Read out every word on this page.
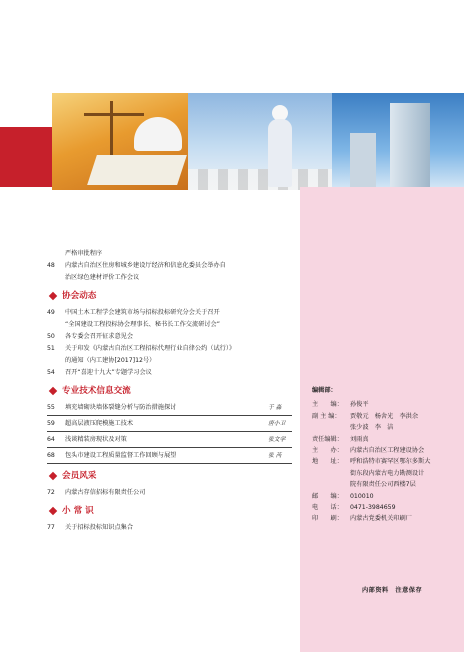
严格审批程序
48	内蒙古自治区住房和城乡建设厅经济和信息化委员会举办自
治区绿色建材评价工作会议
协会动态
49	中国土木工程学会建筑市场与招标投标研究分会关于召开
“全国建设工程投标协会理事长、秘书长工作交流研讨会”
50	各专委会召开征求意见会
51	关于印发《内蒙古自治区工程招标代理行业自律公约（试行）》
的通知（内工建协[2017]12号）
54	召开“喜迎十九大”专题学习会议
专业技术信息交流
55	填充墙砌块墙体裂缝分析与防治措施探讨	于 淼
59	超高层液压爬模施工技术	唐小卫
64	浅谈精装房现状及对策	张文学
68	包头市建设工程质量监督工作回顾与展望	张 芮
会员风采
72	内蒙古存信招标有限责任公司
小 常 识
77	关于招标投标知识点集合
编辑部：
主　　编：	孙俊平
副 主 编：	贾敬元　杨舍光　李洪余
张少波　李　洁
责任编辑：	刘雨真
主　　办：	内蒙古自治区工程建设协会
地　　址：	呼和浩特市赛罕区鄂尔多斯大
街东段内蒙古电力勘测设计
院有限责任公司西楼7层
邮　　编：	010010
电　　话：	0471-3984659
印　　刷：	内蒙古党委机关印刷厂
内部资料　注意保存
